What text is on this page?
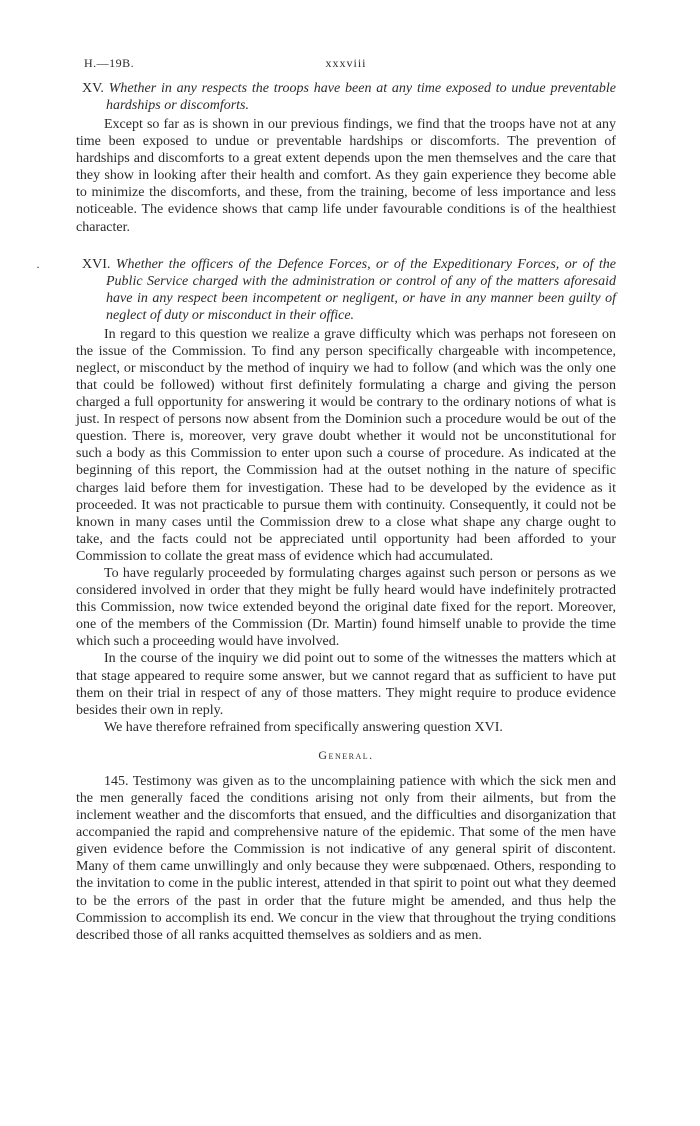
H.—19B.	xxxviii

XV. Whether in any respects the troops have been at any time exposed to undue preventable hardships or discomforts.

Except so far as is shown in our previous findings, we find that the troops have not at any time been exposed to undue or preventable hardships or discomforts. The prevention of hardships and discomforts to a great extent depends upon the men themselves and the care that they show in looking after their health and comfort. As they gain experience they become able to minimize the discomforts, and these, from the training, become of less importance and less noticeable. The evidence shows that camp life under favourable conditions is of the healthiest character.

·	XVI. Whether the officers of the Defence Forces, or of the Expeditionary Forces, or of the Public Service charged with the administration or control of any of the matters aforesaid have in any respect been incompetent or negligent, or have in any manner been guilty of neglect of duty or misconduct in their office.

In regard to this question we realize a grave difficulty which was perhaps not foreseen on the issue of the Commission. To find any person specifically chargeable with incompetence, neglect, or misconduct by the method of inquiry we had to follow (and which was the only one that could be followed) without first definitely formulating a charge and giving the person charged a full opportunity for answering it would be contrary to the ordinary notions of what is just. In respect of persons now absent from the Dominion such a procedure would be out of the question. There is, moreover, very grave doubt whether it would not be unconstitutional for such a body as this Commission to enter upon such a course of procedure. As indicated at the beginning of this report, the Commission had at the outset nothing in the nature of specific charges laid before them for investigation. These had to be developed by the evidence as it proceeded. It was not practicable to pursue them with continuity. Consequently, it could not be known in many cases until the Commission drew to a close what shape any charge ought to take, and the facts could not be appreciated until opportunity had been afforded to your Commission to collate the great mass of evidence which had accumulated.

To have regularly proceeded by formulating charges against such person or persons as we considered involved in order that they might be fully heard would have indefinitely protracted this Commission, now twice extended beyond the original date fixed for the report. Moreover, one of the members of the Commission (Dr. Martin) found himself unable to provide the time which such a proceeding would have involved.

In the course of the inquiry we did point out to some of the witnesses the matters which at that stage appeared to require some answer, but we cannot regard that as sufficient to have put them on their trial in respect of any of those matters. They might require to produce evidence besides their own in reply.

We have therefore refrained from specifically answering question XVI.

General.

145. Testimony was given as to the uncomplaining patience with which the sick men and the men generally faced the conditions arising not only from their ailments, but from the inclement weather and the discomforts that ensued, and the difficulties and disorganization that accompanied the rapid and comprehensive nature of the epidemic. That some of the men have given evidence before the Commission is not indicative of any general spirit of discontent. Many of them came unwillingly and only because they were subpœnaed. Others, responding to the invitation to come in the public interest, attended in that spirit to point out what they deemed to be the errors of the past in order that the future might be amended, and thus help the Commission to accomplish its end. We concur in the view that throughout the trying conditions described those of all ranks acquitted themselves as soldiers and as men.
